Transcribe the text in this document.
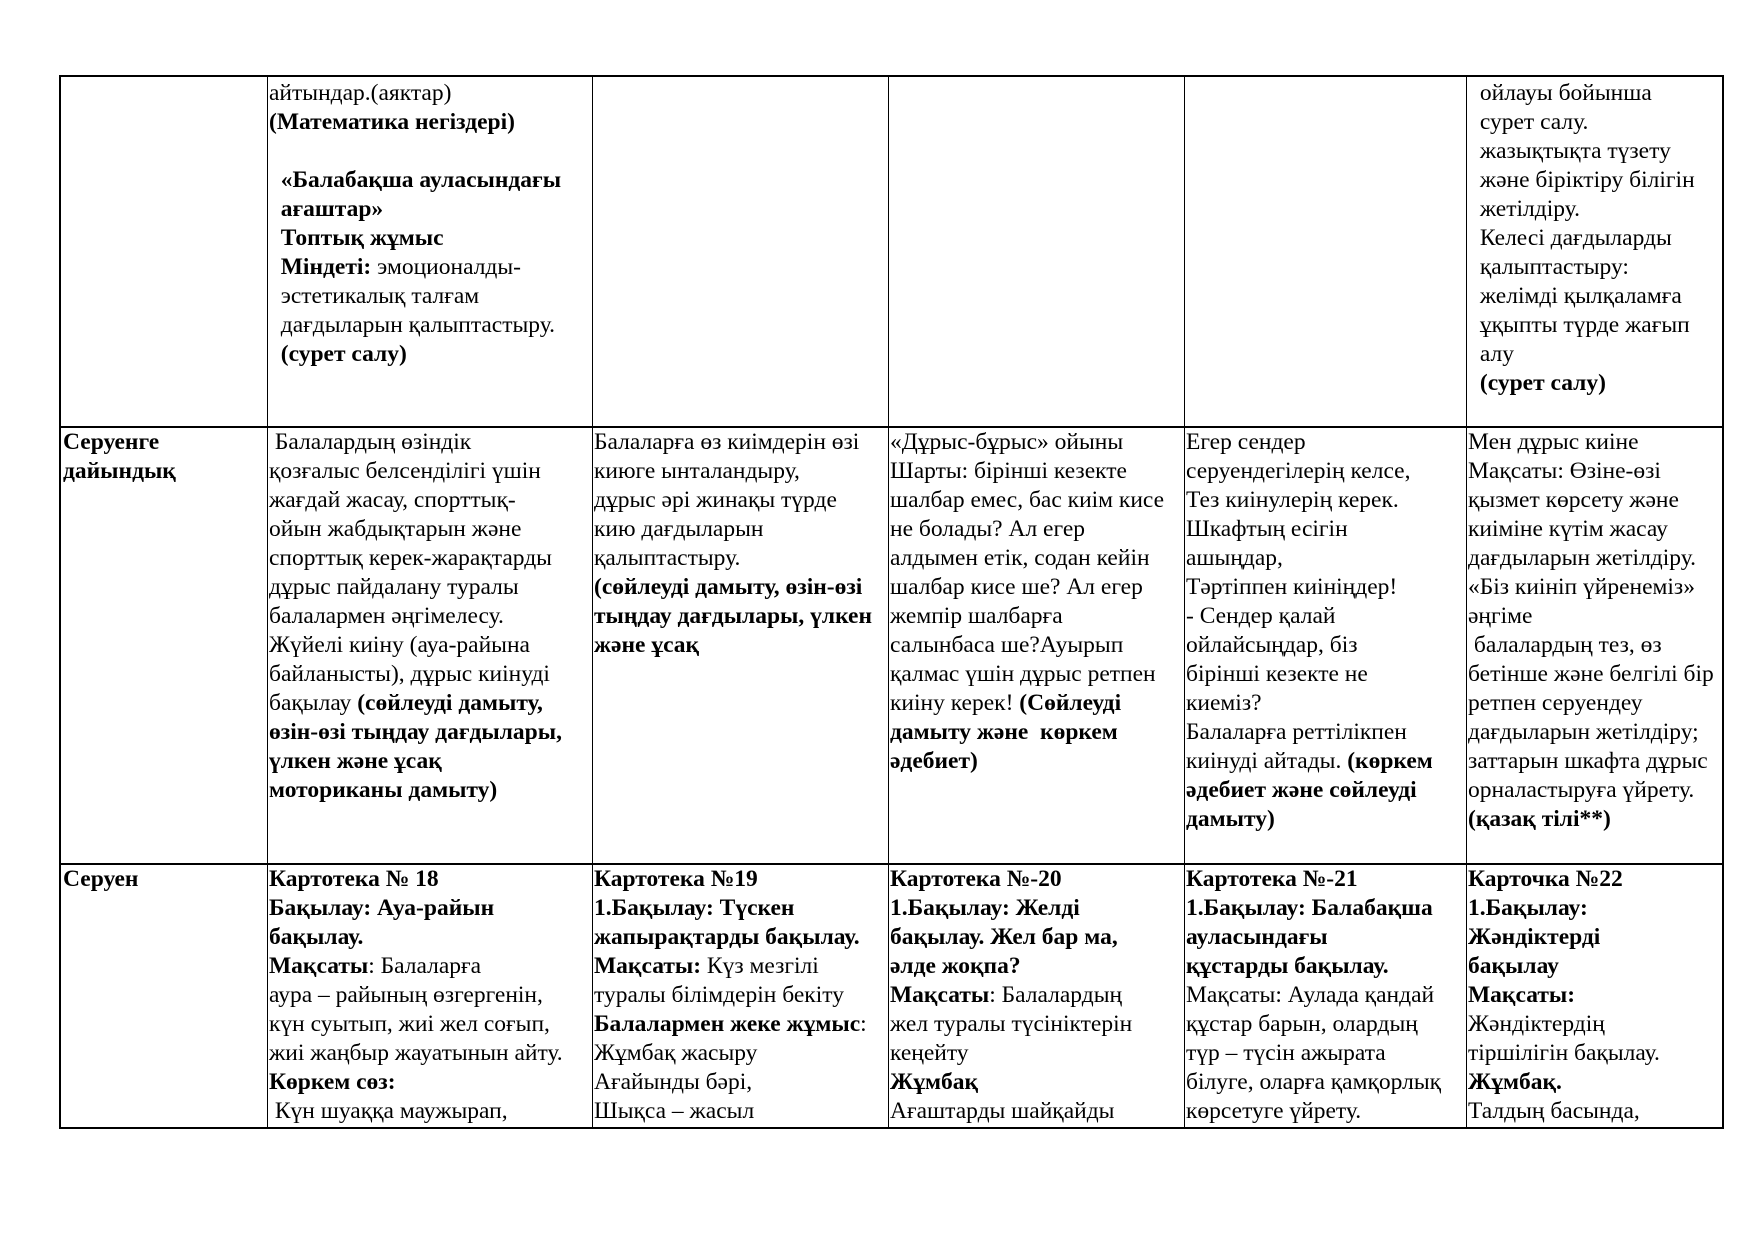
айтындар.(аяктар)
(Математика негіздері)
«Балабақша ауласындағы
ағаштар»
Топтық жұмыс
Міндеті: эмоционалды-
эстетикалық талғам
дағдыларын қалыптастыру.
(сурет салу)
ойлауы бойынша
сурет салу.
жазықтықта түзету
және біріктіру білігін
жетілдіру.
Келесі дағдыларды
қалыптастыру:
желімді қылқаламға
ұқыпты түрде жағып
алу
(сурет салу)
Серуенге
дайындық
Балалардың өзіндік
қозғалыс белсенділігі үшін
жағдай жасау, спорттық-
ойын жабдықтарын және
спорттық керек-жарақтарды
дұрыс пайдалану туралы
балалармен әңгімелесу.
Жүйелі киіну (ауа-райына
байланысты), дұрыс киінуді
бақылау (сөйлеуді дамыту,
өзін-өзі тыңдау дағдылары,
үлкен және ұсақ
моториканы дамыту)
Балаларға өз киімдерін өзі
киюге ынталандыру,
дұрыс әрі жинақы түрде
кию дағдыларын
қалыптастыру.
(сөйлеуді дамыту, өзін-өзі
тыңдау дағдылары, үлкен
және ұсақ
«Дұрыс-бұрыс» ойыны
Шарты: бірінші кезекте
шалбар емес, бас киім кисе
не болады? Ал егер
алдымен етік, содан кейін
шалбар кисе ше? Ал егер
жемпір шалбарға
салынбаса ше?Ауырып
қалмас үшін дұрыс ретпен
киіну керек! (Сөйлеуді
дамыту және  көркем
әдебиет)
Егер сендер
серуендегілерің келсе,
Тез киінулерің керек.
Шкафтың есігін
ашыңдар,
Тәртіппен киініңдер!
- Сендер қалай
ойлайсыңдар, біз
бірінші кезекте не
киеміз?
Балаларға реттілікпен
киінуді айтады. (көркем
әдебиет және сөйлеуді
дамыту)
Мен дұрыс киіне
Мақсаты: Өзіне-өзі
қызмет көрсету және
киіміне күтім жасау
дағдыларын жетілдіру.
«Біз киініп үйренеміз»
әңгіме
балалардың тез, өз
бетінше және белгілі бір
ретпен серуендеу
дағдыларын жетілдіру;
заттарын шкафта дұрыс
орналастыруға үйрету.
(қазақ тілі**)
Серуен	Картотека № 18
Бақылау: Ауа-райын
бақылау.
Мақсаты: Балаларға
аура – райының өзгергенін,
күн суытып, жиі жел соғып,
жиі жаңбыр жауатынын айту.
Көркем сөз:
Күн шуаққа маужырап,
Картотека №19
1.Бақылау: Түскен
жапырақтарды бақылау.
Мақсаты: Күз мезгілі
туралы білімдерін бекіту
Балалармен жеке жұмыс:
Жұмбақ жасыру
Ағайынды бәрі,
Шықса – жасыл
Картотека №-20
1.Бақылау: Желді
бақылау. Жел бар ма,
әлде жоқпа?
Мақсаты: Балалардың
жел туралы түсініктерін
кеңейту
Жұмбақ
Ағаштарды шайқайды
Картотека №-21
1.Бақылау: Балабақша
ауласындағы
құстарды бақылау.
Мақсаты: Аулада қандай
құстар барын, олардың
түр – түсін ажырата
білуге, оларға қамқорлық
көрсетуге үйрету.
Карточка №22
1.Бақылау:
Жәндіктерді
бақылау
Мақсаты:
Жәндіктердің
тіршілігін бақылау.
Жұмбақ.
Талдың басында,
